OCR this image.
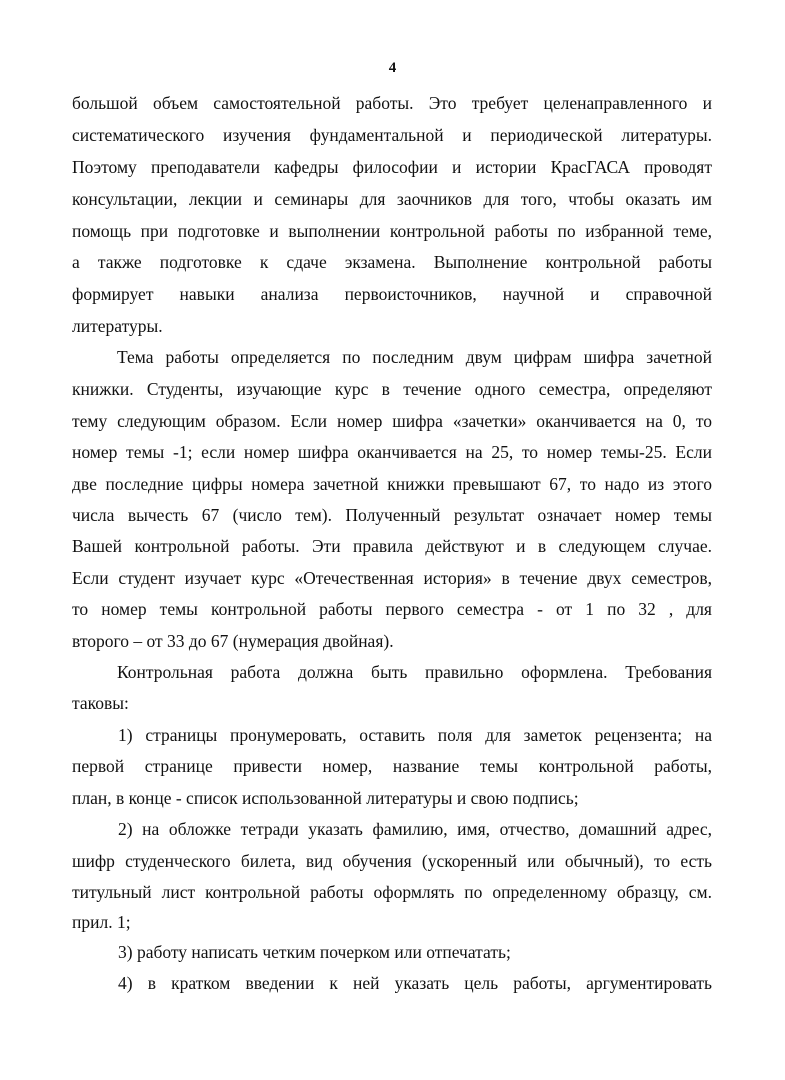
4
большой объем самостоятельной работы. Это требует целенаправленного и
систематического изучения фундаментальной и периодической литературы.
Поэтому преподаватели кафедры философии и истории КрасГАСА проводят
консультации, лекции и семинары для заочников для того, чтобы оказать им
помощь при подготовке и выполнении контрольной работы по избранной теме,
а также подготовке к сдаче экзамена. Выполнение контрольной работы
формирует навыки анализа первоисточников, научной и справочной
литературы.
Тема работы определяется по последним двум цифрам шифра зачетной
книжки. Студенты, изучающие курс в течение одного семестра, определяют
тему следующим образом. Если номер шифра «зачетки» оканчивается на 0, то
номер темы -1; если номер шифра оканчивается на 25, то номер темы-25. Если
две последние цифры номера зачетной книжки превышают 67, то надо из этого
числа вычесть 67 (число тем). Полученный результат означает номер темы
Вашей контрольной работы. Эти правила действуют и в следующем случае.
Если студент изучает курс «Отечественная история» в течение двух семестров,
то номер темы контрольной работы первого семестра - от 1 по 32 , для
второго – от 33 до 67 (нумерация двойная).
Контрольная работа должна быть правильно оформлена. Требования
таковы:
1) страницы пронумеровать, оставить поля для заметок рецензента; на
первой странице привести номер, название темы контрольной работы,
план, в конце - список использованной литературы и свою подпись;
2) на обложке тетради указать фамилию, имя, отчество, домашний адрес,
шифр студенческого билета, вид обучения (ускоренный или обычный), то есть
титульный лист контрольной работы оформлять по определенному образцу, см.
прил. 1;
3) работу написать четким почерком или отпечатать;
4) в кратком введении к ней указать цель работы, аргументировать
